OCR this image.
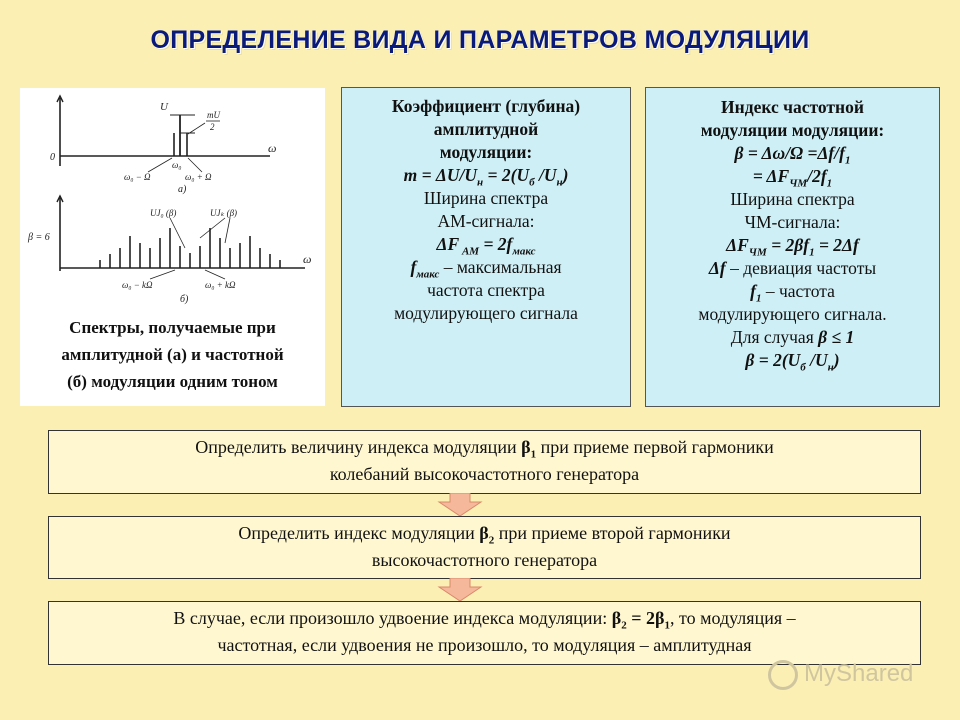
ОПРЕДЕЛЕНИЕ ВИДА И ПАРАМЕТРОВ МОДУЛЯЦИИ
0
U
mU
2
ω
ω₀
ω₀ − Ω	ω₀ + Ω
а)
β = 6
ω
UJ₀ (β)	UJₖ (β)
ω₀ − kΩ	ω₀ + kΩ
б)
Спектры, получаемые при
амплитудной (а) и частотной
(б) модуляции одним тоном

Коэффициент (глубина)

амплитудной

модуляции:

$m = \Delta U/U_н = 2(U_б$ $/U_н$)

Ширина спектра

АМ-сигнала:

ΔF $_{АМ} = 2f_{макс}$

$f_{макс}$ – максимальная

частота спектра

модулирующего сигнала

Индекс частотной

модуляции модуляции:

$\beta = \Delta\omega/\Omega =\Delta f/f_1$

= $\Delta F_{ЧМ}/2f_1$

Ширина спектра

ЧМ-сигнала:

$\Delta F_{ЧМ} = 2\beta f_1 = 2\Delta f$

Δf – девиация частоты

$f_1$ – частота

модулирующего сигнала.

Для случая β ≤ 1

$\beta = 2(U_б$ $/U_н$)

Определить величину индекса модуляции $\beta_1$ при приеме первой гармоники
колебаний высокочастотного генератора
Определить индекс модуляции $\beta_2$ при приеме второй гармоники
высокочастотного генератора
В случае, если произошло удвоение индекса модуляции: $\beta_2 = 2\beta_1$, то модуляция –
частотная, если удвоения не произошло, то модуляция – амплитудная
MyShared
